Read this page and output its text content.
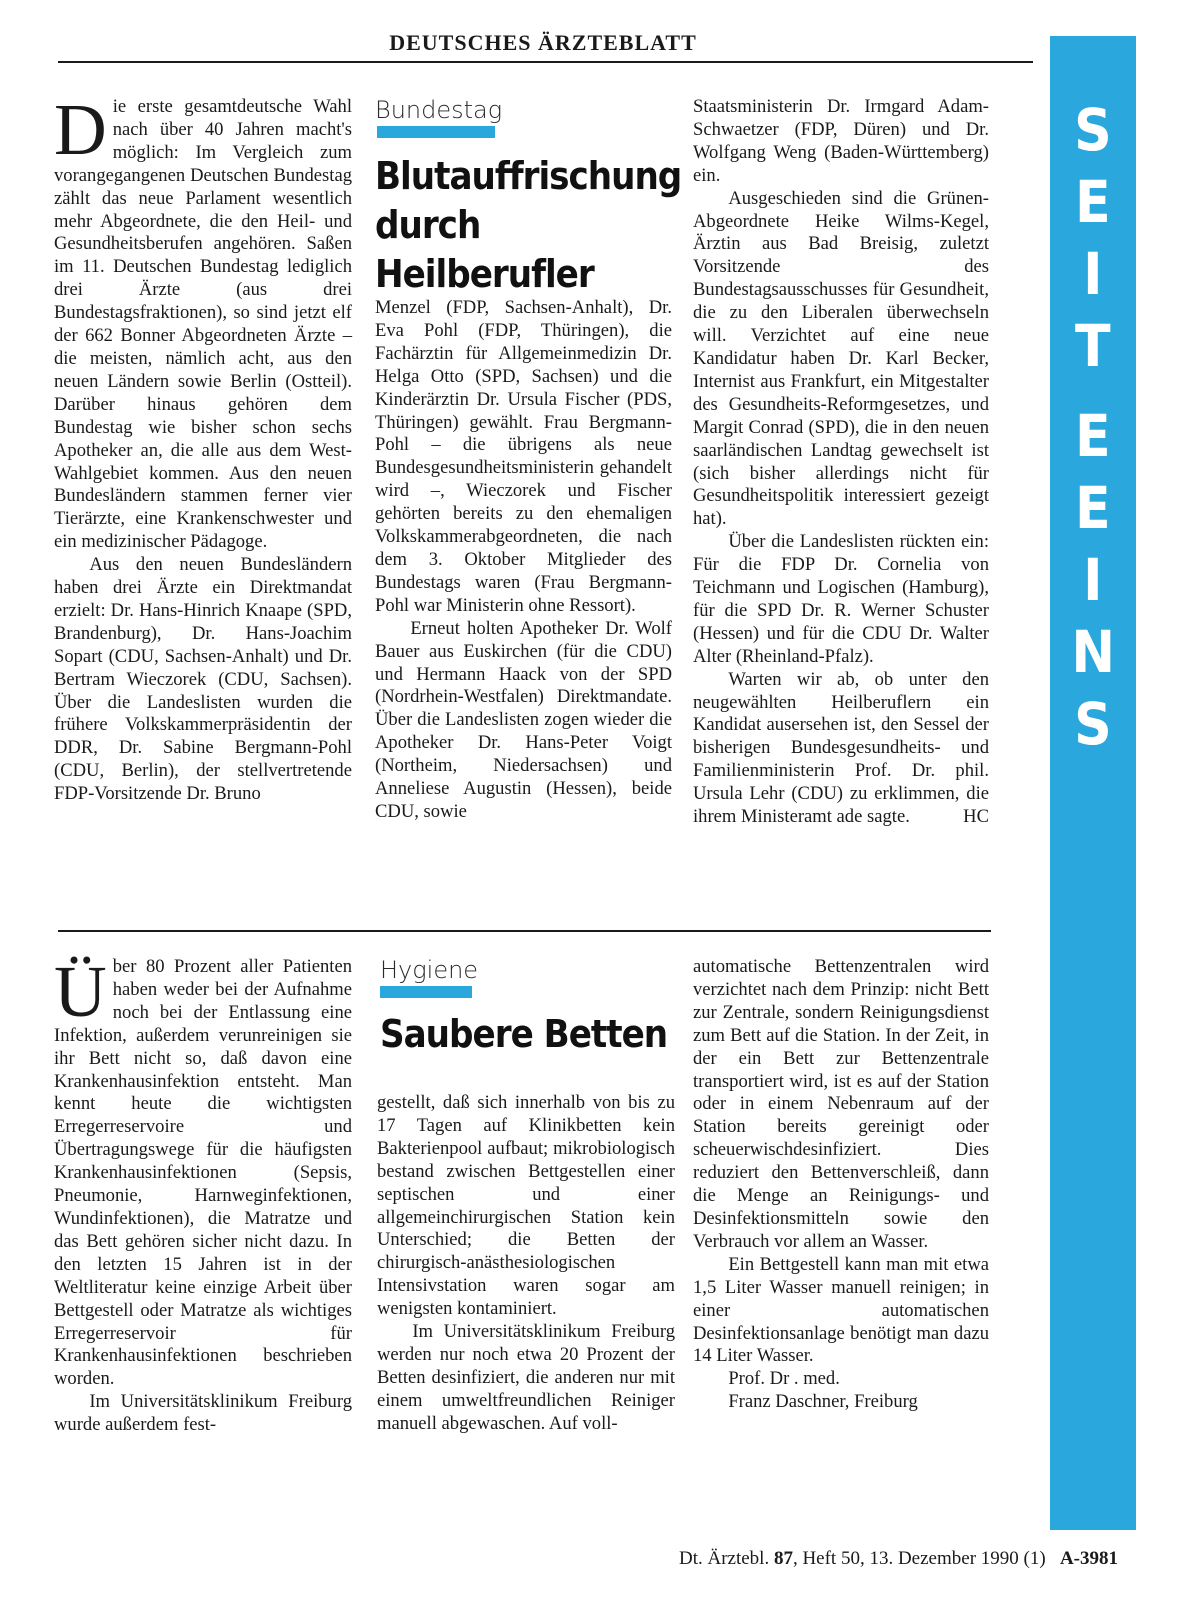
DEUTSCHES ÄRZTEBLATT
S
E
I
T
E
E
I
N
S

Die erste gesamtdeutsche Wahl nach über 40 Jahren macht's möglich: Im Vergleich zum vorangegangenen Deutschen Bundestag zählt das neue Parlament wesentlich mehr Abgeordnete, die den Heil- und Gesundheitsberufen angehören. Saßen im 11. Deutschen Bundestag lediglich drei Ärzte (aus drei Bundestagsfraktionen), so sind jetzt elf der 662 Bonner Abgeordneten Ärzte – die meisten, nämlich acht, aus den neuen Ländern sowie Berlin (Ostteil). Darüber hinaus gehören dem Bundestag wie bisher schon sechs Apotheker an, die alle aus dem West-Wahlgebiet kommen. Aus den neuen Bundesländern stammen ferner vier Tierärzte, eine Krankenschwester und ein medizinischer Pädagoge.

Aus den neuen Bundesländern haben drei Ärzte ein Direktmandat erzielt: Dr. Hans-Hinrich Knaape (SPD, Brandenburg), Dr. Hans-Joachim Sopart (CDU, Sachsen-Anhalt) und Dr. Bertram Wieczorek (CDU, Sachsen). Über die Landeslisten wurden die frühere Volkskammerpräsidentin der DDR, Dr. Sabine Bergmann-Pohl (CDU, Berlin), der stellvertretende FDP-Vorsitzende Dr. Bruno

Bundestag
Blutauffrischung
durch Heilberufler

Menzel (FDP, Sachsen-Anhalt), Dr. Eva Pohl (FDP, Thüringen), die Fachärztin für Allgemeinmedizin Dr. Helga Otto (SPD, Sachsen) und die Kinderärztin Dr. Ursula Fischer (PDS, Thüringen) gewählt. Frau Bergmann-Pohl – die übrigens als neue Bundesgesundheitsministerin gehandelt wird –, Wieczorek und Fischer gehörten bereits zu den ehemaligen Volkskammerabgeordneten, die nach dem 3. Oktober Mitglieder des Bundestags waren (Frau Bergmann-Pohl war Ministerin ohne Ressort).

Erneut holten Apotheker Dr. Wolf Bauer aus Euskirchen (für die CDU) und Hermann Haack von der SPD (Nordrhein-Westfalen) Direktmandate. Über die Landeslisten zogen wieder die Apotheker Dr. Hans-Peter Voigt (Northeim, Niedersachsen) und Anneliese Augustin (Hessen), beide CDU, sowie

Staatsministerin Dr. Irmgard Adam-Schwaetzer (FDP, Düren) und Dr. Wolfgang Weng (Baden-Württemberg) ein.

Ausgeschieden sind die Grünen-Abgeordnete Heike Wilms-Kegel, Ärztin aus Bad Breisig, zuletzt Vorsitzende des Bundestagsausschusses für Gesundheit, die zu den Liberalen überwechseln will. Verzichtet auf eine neue Kandidatur haben Dr. Karl Becker, Internist aus Frankfurt, ein Mitgestalter des Gesundheits-Reformgesetzes, und Margit Conrad (SPD), die in den neuen saarländischen Landtag gewechselt ist (sich bisher allerdings nicht für Gesundheitspolitik interessiert gezeigt hat).

Über die Landeslisten rückten ein: Für die FDP Dr. Cornelia von Teichmann und Logischen (Hamburg), für die SPD Dr. R. Werner Schuster (Hessen) und für die CDU Dr. Walter Alter (Rheinland-Pfalz).

Warten wir ab, ob unter den neugewählten Heilberuflern ein Kandidat ausersehen ist, den Sessel der bisherigen Bundesgesundheits- und Familienministerin Prof. Dr. phil. Ursula Lehr (CDU) zu erklimmen, die ihrem Ministeramt ade sagte.	HC

Über 80 Prozent aller Patienten haben weder bei der Aufnahme noch bei der Entlassung eine Infektion, außerdem verunreinigen sie ihr Bett nicht so, daß davon eine Krankenhausinfektion entsteht. Man kennt heute die wichtigsten Erregerreservoire und Übertragungswege für die häufigsten Krankenhausinfektionen (Sepsis, Pneumonie, Harnweginfektionen, Wundinfektionen), die Matratze und das Bett gehören sicher nicht dazu. In den letzten 15 Jahren ist in der Weltliteratur keine einzige Arbeit über Bettgestell oder Matratze als wichtiges Erregerreservoir für Krankenhausinfektionen beschrieben worden.

Im Universitätsklinikum Freiburg wurde außerdem fest-

Hygiene
Saubere Betten

gestellt, daß sich innerhalb von bis zu 17 Tagen auf Klinikbetten kein Bakterienpool aufbaut; mikrobiologisch bestand zwischen Bettgestellen einer septischen und einer allgemeinchirurgischen Station kein Unterschied; die Betten der chirurgisch-anästhesiologischen Intensivstation waren sogar am wenigsten kontaminiert.

Im Universitätsklinikum Freiburg werden nur noch etwa 20 Prozent der Betten desinfiziert, die anderen nur mit einem umweltfreundlichen Reiniger manuell abgewaschen. Auf voll-

automatische Bettenzentralen wird verzichtet nach dem Prinzip: nicht Bett zur Zentrale, sondern Reinigungsdienst zum Bett auf die Station. In der Zeit, in der ein Bett zur Bettenzentrale transportiert wird, ist es auf der Station oder in einem Nebenraum auf der Station bereits gereinigt oder scheuerwischdesinfiziert. Dies reduziert den Bettenverschleiß, dann die Menge an Reinigungs- und Desinfektionsmitteln sowie den Verbrauch vor allem an Wasser.

Ein Bettgestell kann man mit etwa 1,5 Liter Wasser manuell reinigen; in einer automatischen Desinfektionsanlage benötigt man dazu 14 Liter Wasser.

Prof. Dr . med.

Franz Daschner, Freiburg

Dt. Ärztebl. 87, Heft 50, 13. Dezember 1990 (1) A-3981
